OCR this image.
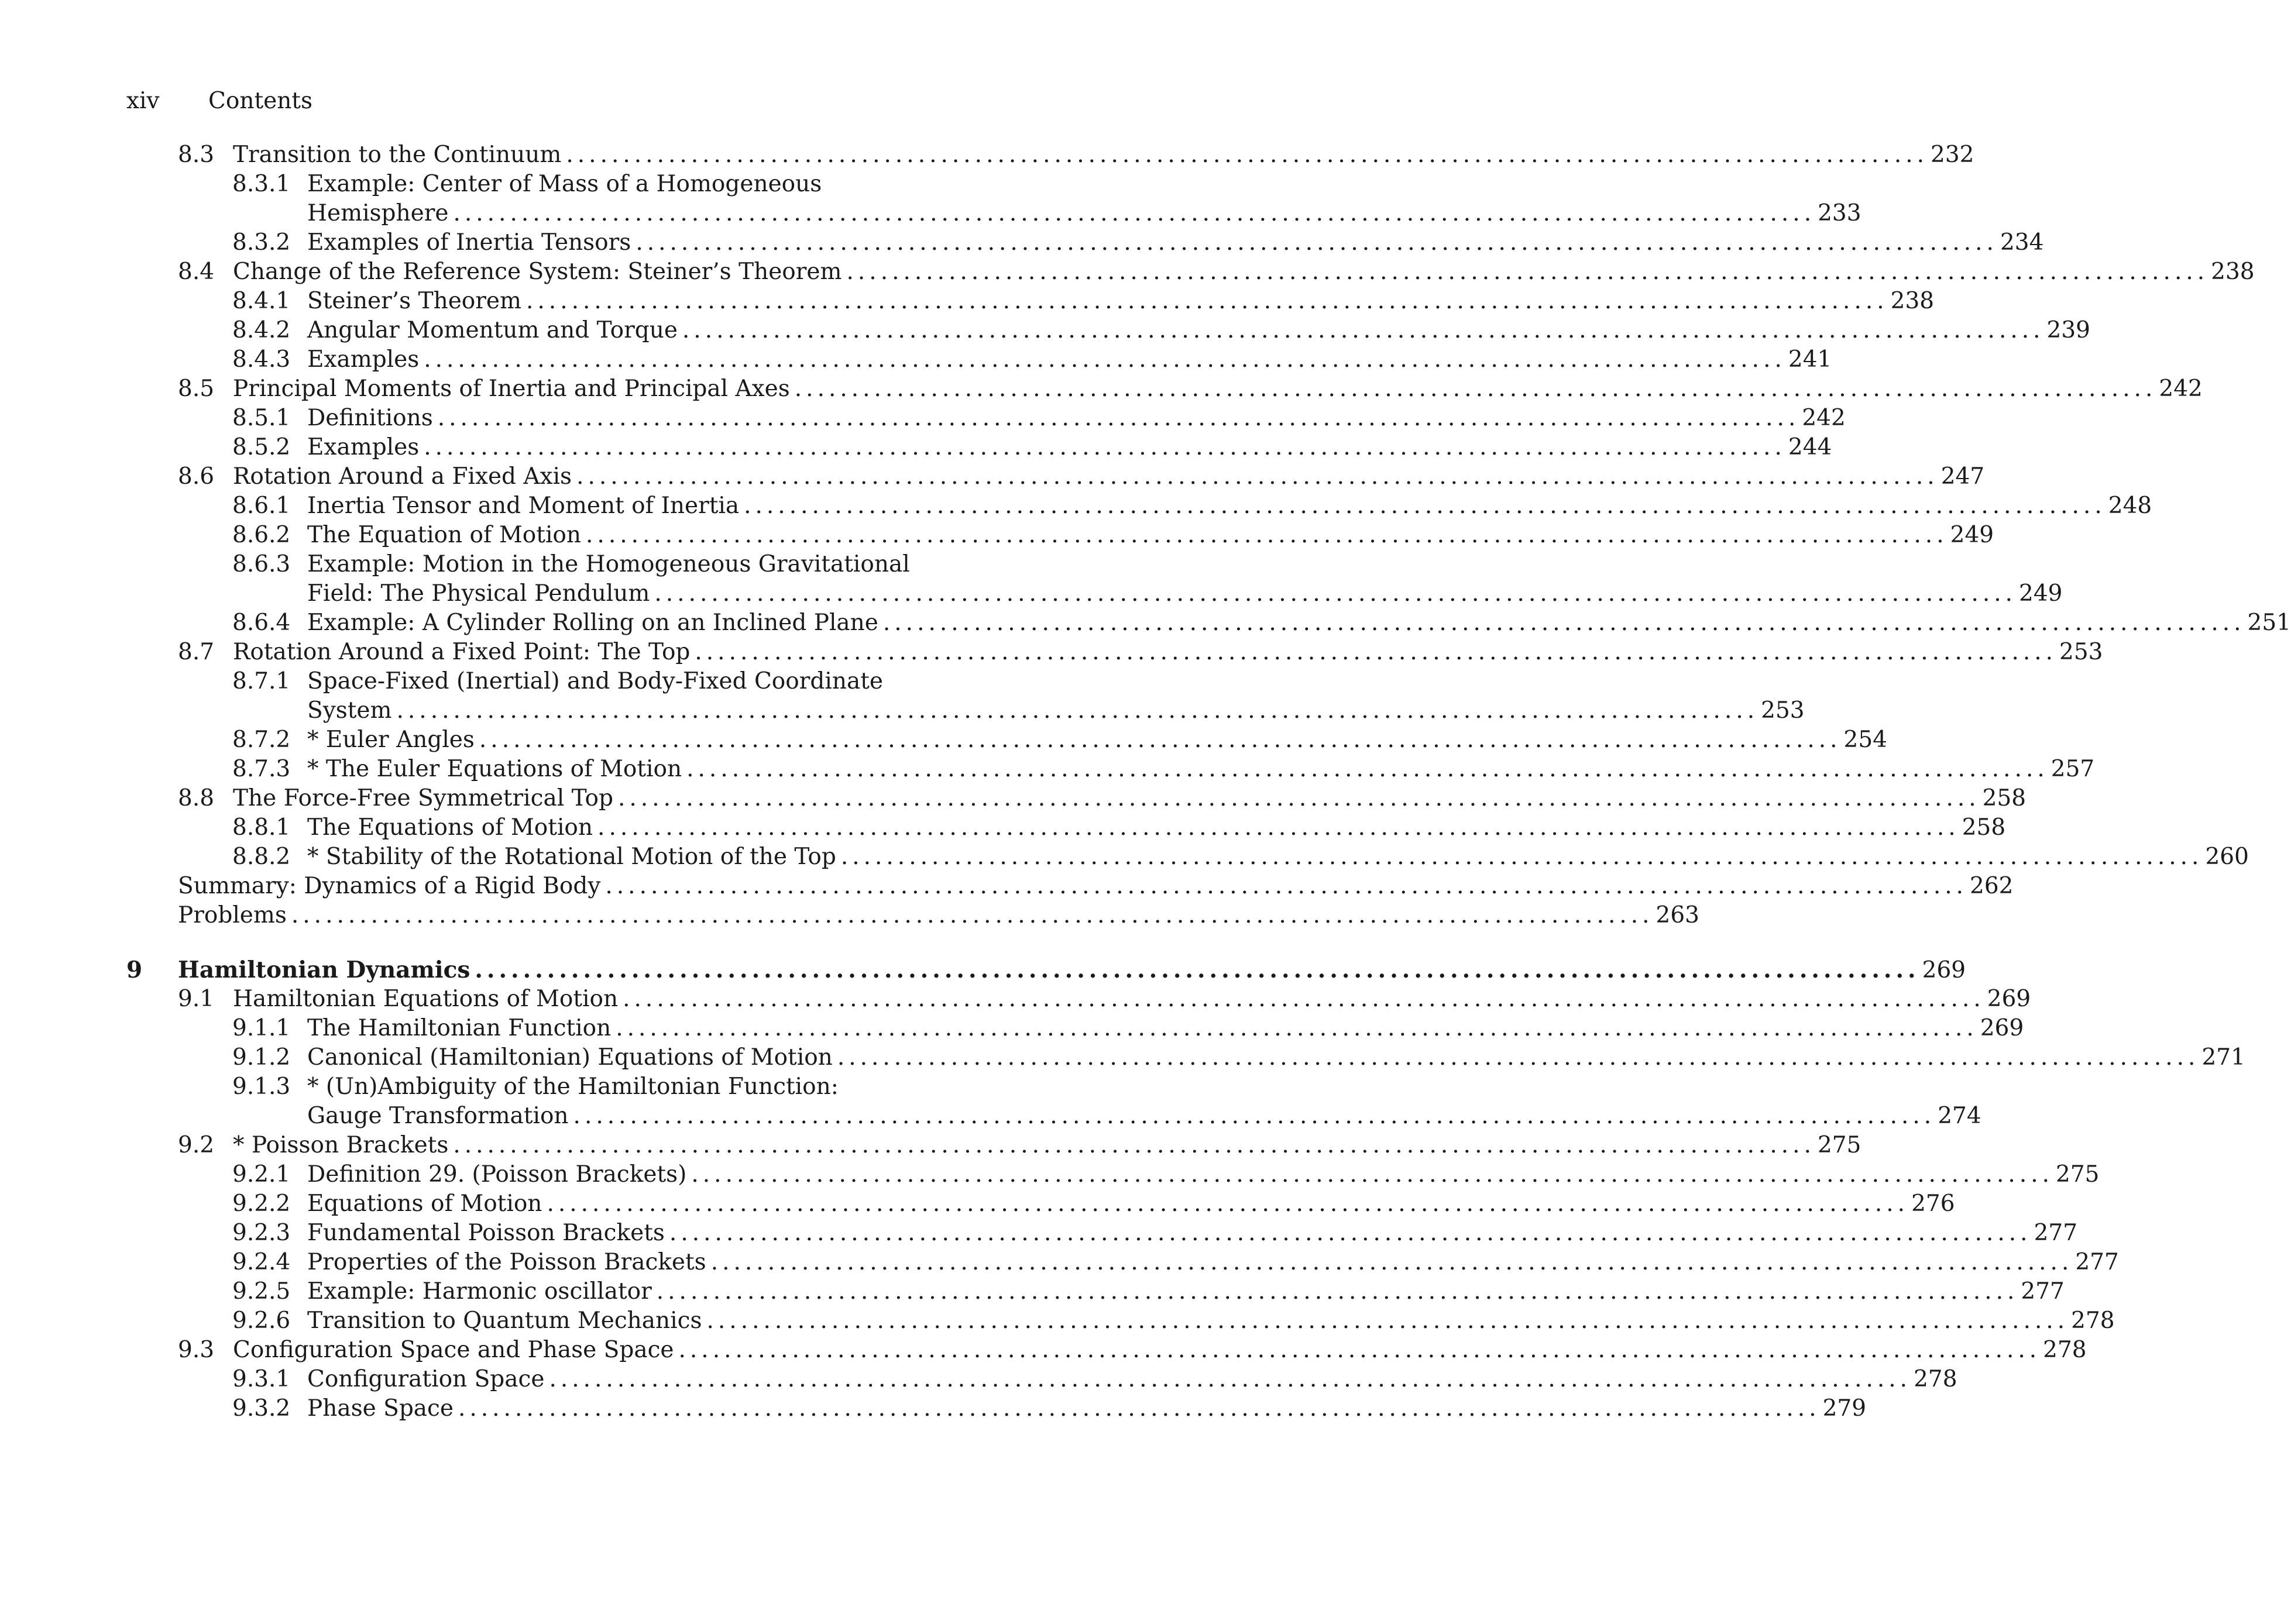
xiv Contents
8.3 Transition to the Continuum ........................................................................................................................ 232
8.3.1 Example: Center of Mass of a Homogeneous
Hemisphere ........................................................................................................................ 233
8.3.2 Examples of Inertia Tensors ........................................................................................................................ 234
8.4 Change of the Reference System: Steiner’s Theorem ........................................................................................................................ 238
8.4.1 Steiner’s Theorem ........................................................................................................................ 238
8.4.2 Angular Momentum and Torque ........................................................................................................................ 239
8.4.3 Examples ........................................................................................................................ 241
8.5 Principal Moments of Inertia and Principal Axes ........................................................................................................................ 242
8.5.1 Definitions ........................................................................................................................ 242
8.5.2 Examples ........................................................................................................................ 244
8.6 Rotation Around a Fixed Axis ........................................................................................................................ 247
8.6.1 Inertia Tensor and Moment of Inertia ........................................................................................................................ 248
8.6.2 The Equation of Motion ........................................................................................................................ 249
8.6.3 Example: Motion in the Homogeneous Gravitational
Field: The Physical Pendulum ........................................................................................................................ 249
8.6.4 Example: A Cylinder Rolling on an Inclined Plane ........................................................................................................................ 251
8.7 Rotation Around a Fixed Point: The Top ........................................................................................................................ 253
8.7.1 Space-Fixed (Inertial) and Body-Fixed Coordinate
System ........................................................................................................................ 253
8.7.2 * Euler Angles ........................................................................................................................ 254
8.7.3 * The Euler Equations of Motion ........................................................................................................................ 257
8.8 The Force-Free Symmetrical Top ........................................................................................................................ 258
8.8.1 The Equations of Motion ........................................................................................................................ 258
8.8.2 * Stability of the Rotational Motion of the Top ........................................................................................................................ 260
Summary: Dynamics of a Rigid Body ........................................................................................................................ 262
Problems ........................................................................................................................ 263
9	Hamiltonian Dynamics ........................................................................................................................ 269
9.1 Hamiltonian Equations of Motion ........................................................................................................................ 269
9.1.1 The Hamiltonian Function ........................................................................................................................ 269
9.1.2 Canonical (Hamiltonian) Equations of Motion ........................................................................................................................ 271
9.1.3 * (Un)Ambiguity of the Hamiltonian Function:
Gauge Transformation ........................................................................................................................ 274
9.2 * Poisson Brackets ........................................................................................................................ 275
9.2.1 Definition 29. (Poisson Brackets) ........................................................................................................................ 275
9.2.2 Equations of Motion ........................................................................................................................ 276
9.2.3 Fundamental Poisson Brackets ........................................................................................................................ 277
9.2.4 Properties of the Poisson Brackets ........................................................................................................................ 277
9.2.5 Example: Harmonic oscillator ........................................................................................................................ 277
9.2.6 Transition to Quantum Mechanics ........................................................................................................................ 278
9.3 Configuration Space and Phase Space ........................................................................................................................ 278
9.3.1 Configuration Space ........................................................................................................................ 278
9.3.2 Phase Space ........................................................................................................................ 279
